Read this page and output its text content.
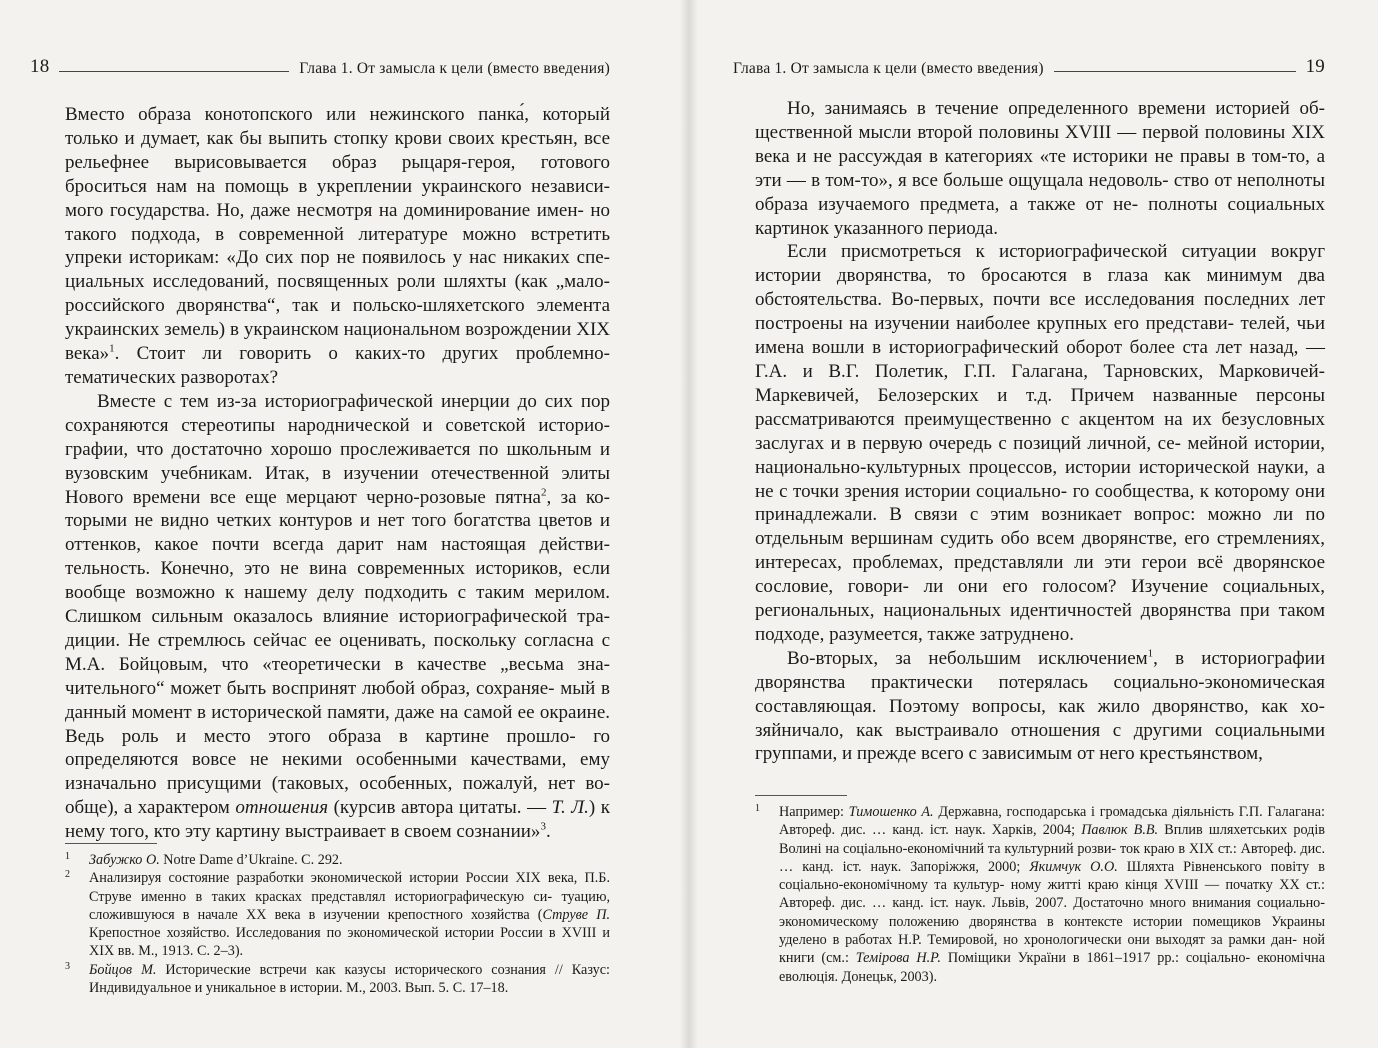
18	Глава 1. От замысла к цели (вместо введения)

Вместо образа конотопского или нежинского панка́, который только и думает, как бы выпить стопку крови своих крестьян, все рельефнее вырисовывается образ рыцаря-героя, готового броситься нам на помощь в укреплении украинского независи- мого государства. Но, даже несмотря на доминирование имен- но такого подхода, в современной литературе можно встретить упреки историкам: «До сих пор не появилось у нас никаких спе- циальных исследований, посвященных роли шляхты (как „мало- российского дворянства“, так и польско-шляхетского элемента украинских земель) в украинском национальном возрождении XIX века»$^1$. Стоит ли говорить о каких-то других проблемно- тематических разворотах?

Вместе с тем из-за историографической инерции до сих пор сохраняются стереотипы народнической и советской историо- графии, что достаточно хорошо прослеживается по школьным и вузовским учебникам. Итак, в изучении отечественной элиты Нового времени все еще мерцают черно-розовые пятна$^2$, за ко- торыми не видно четких контуров и нет того богатства цветов и оттенков, какое почти всегда дарит нам настоящая действи- тельность. Конечно, это не вина современных историков, если вообще возможно к нашему делу подходить с таким мерилом. Слишком сильным оказалось влияние историографической тра- диции. Не стремлюсь сейчас ее оценивать, поскольку согласна с М.А. Бойцовым, что «теоретически в качестве „весьма зна- чительного“ может быть воспринят любой образ, сохраняе- мый в данный момент в исторической памяти, даже на самой ее окраине. Ведь роль и место этого образа в картине прошло- го определяются вовсе не некими особенными качествами, ему изначально присущими (таковых, особенных, пожалуй, нет во- обще), а характером отношения (курсив автора цитаты. — Т. Л.) к нему того, кто эту картину выстраивает в своем сознании»$^3$.

1 Забужко О. Notre Dame d’Ukraine. С. 292.

2 Анализируя состояние разработки экономической истории России XIX века, П.Б. Струве именно в таких красках представлял историографическую си- туацию, сложившуюся в начале XX века в изучении крепостного хозяйства (Струве П. Крепостное хозяйство. Исследования по экономической истории России в XVIII и XIX вв. М., 1913. С. 2–3).

3 Бойцов М. Исторические встречи как казусы исторического сознания // Казус: Индивидуальное и уникальное в истории. М., 2003. Вып. 5. С. 17–18.

Глава 1. От замысла к цели (вместо введения)	19

Но, занимаясь в течение определенного времени историей об- щественной мысли второй половины XVIII — первой половины XIX века и не рассуждая в категориях «те историки не правы в том-то, а эти — в том-то», я все больше ощущала недоволь- ство от неполноты образа изучаемого предмета, а также от не- полноты социальных картинок указанного периода.

Если присмотреться к историографической ситуации вокруг истории дворянства, то бросаются в глаза как минимум два обстоятельства. Во-первых, почти все исследования последних лет построены на изучении наиболее крупных его представи- телей, чьи имена вошли в историографический оборот более ста лет назад, — Г.А. и В.Г. Полетик, Г.П. Галагана, Тарновских, Марковичей-Маркевичей, Белозерских и т.д. Причем названные персоны рассматриваются преимущественно с акцентом на их безусловных заслугах и в первую очередь с позиций личной, се- мейной истории, национально-культурных процессов, истории исторической науки, а не с точки зрения истории социально- го сообщества, к которому они принадлежали. В связи с этим возникает вопрос: можно ли по отдельным вершинам судить обо всем дворянстве, его стремлениях, интересах, проблемах, представляли ли эти герои всё дворянское сословие, говори- ли они его голосом? Изучение социальных, региональных, национальных идентичностей дворянства при таком подходе, разумеется, также затруднено.

Во-вторых, за небольшим исключением$^1$, в историографии дворянства практически потерялась социально-экономическая составляющая. Поэтому вопросы, как жило дворянство, как хо- зяйничало, как выстраивало отношения с другими социальными группами, и прежде всего с зависимым от него крестьянством,

1 Например: Тимошенко А. Державна, господарська і громадська діяльність Г.П. Галагана: Автореф. дис. … канд. іст. наук. Харків, 2004; Павлюк В.В. Вплив шляхетських родів Волині на соціально-економічний та культурний розви- ток краю в XIX ст.: Автореф. дис. … канд. іст. наук. Запоріжжя, 2000; Якимчук О.О. Шляхта Рівненського повіту в соціально-економічному та культур- ному житті краю кінця XVIII — початку XX ст.: Автореф. дис. … канд. іст. наук. Львів, 2007. Достаточно много внимания социально-экономическому положению дворянства в контексте истории помещиков Украины уделено в работах Н.Р. Темировой, но хронологически они выходят за рамки дан- ной книги (см.: Темірова Н.Р. Поміщики України в 1861–1917 рр.: соціально- економічна еволюція. Донецьк, 2003).
